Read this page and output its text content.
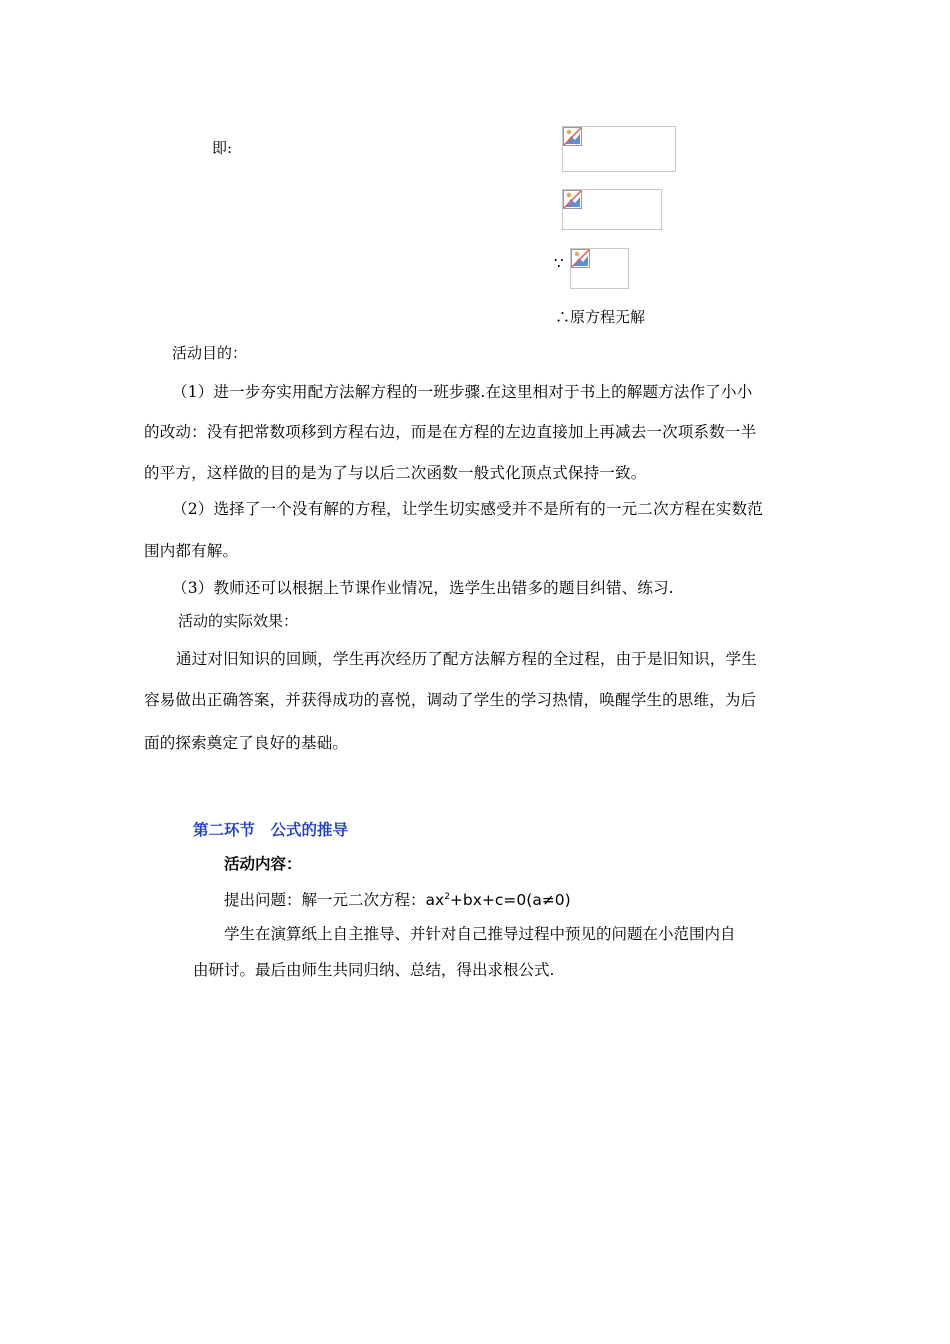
即:
∵
∴原方程无解
活动目的：
（1）进一步夯实用配方法解方程的一班步骤.在这里相对于书上的解题方法作了小小
的改动：没有把常数项移到方程右边，而是在方程的左边直接加上再减去一次项系数一半
的平方，这样做的目的是为了与以后二次函数一般式化顶点式保持一致。
（2）选择了一个没有解的方程，让学生切实感受并不是所有的一元二次方程在实数范
围内都有解。
（3）教师还可以根据上节课作业情况，选学生出错多的题目纠错、练习.
活动的实际效果：
通过对旧知识的回顾，学生再次经历了配方法解方程的全过程，由于是旧知识，学生
容易做出正确答案，并获得成功的喜悦，调动了学生的学习热情，唤醒学生的思维，为后
面的探索奠定了良好的基础。
第二环节　公式的推导
活动内容：
提出问题：解一元二次方程：$ax^2+bx+c=0(a\ne 0)$
学生在演算纸上自主推导、并针对自己推导过程中预见的问题在小范围内自
由研讨。最后由师生共同归纳、总结，得出求根公式.
